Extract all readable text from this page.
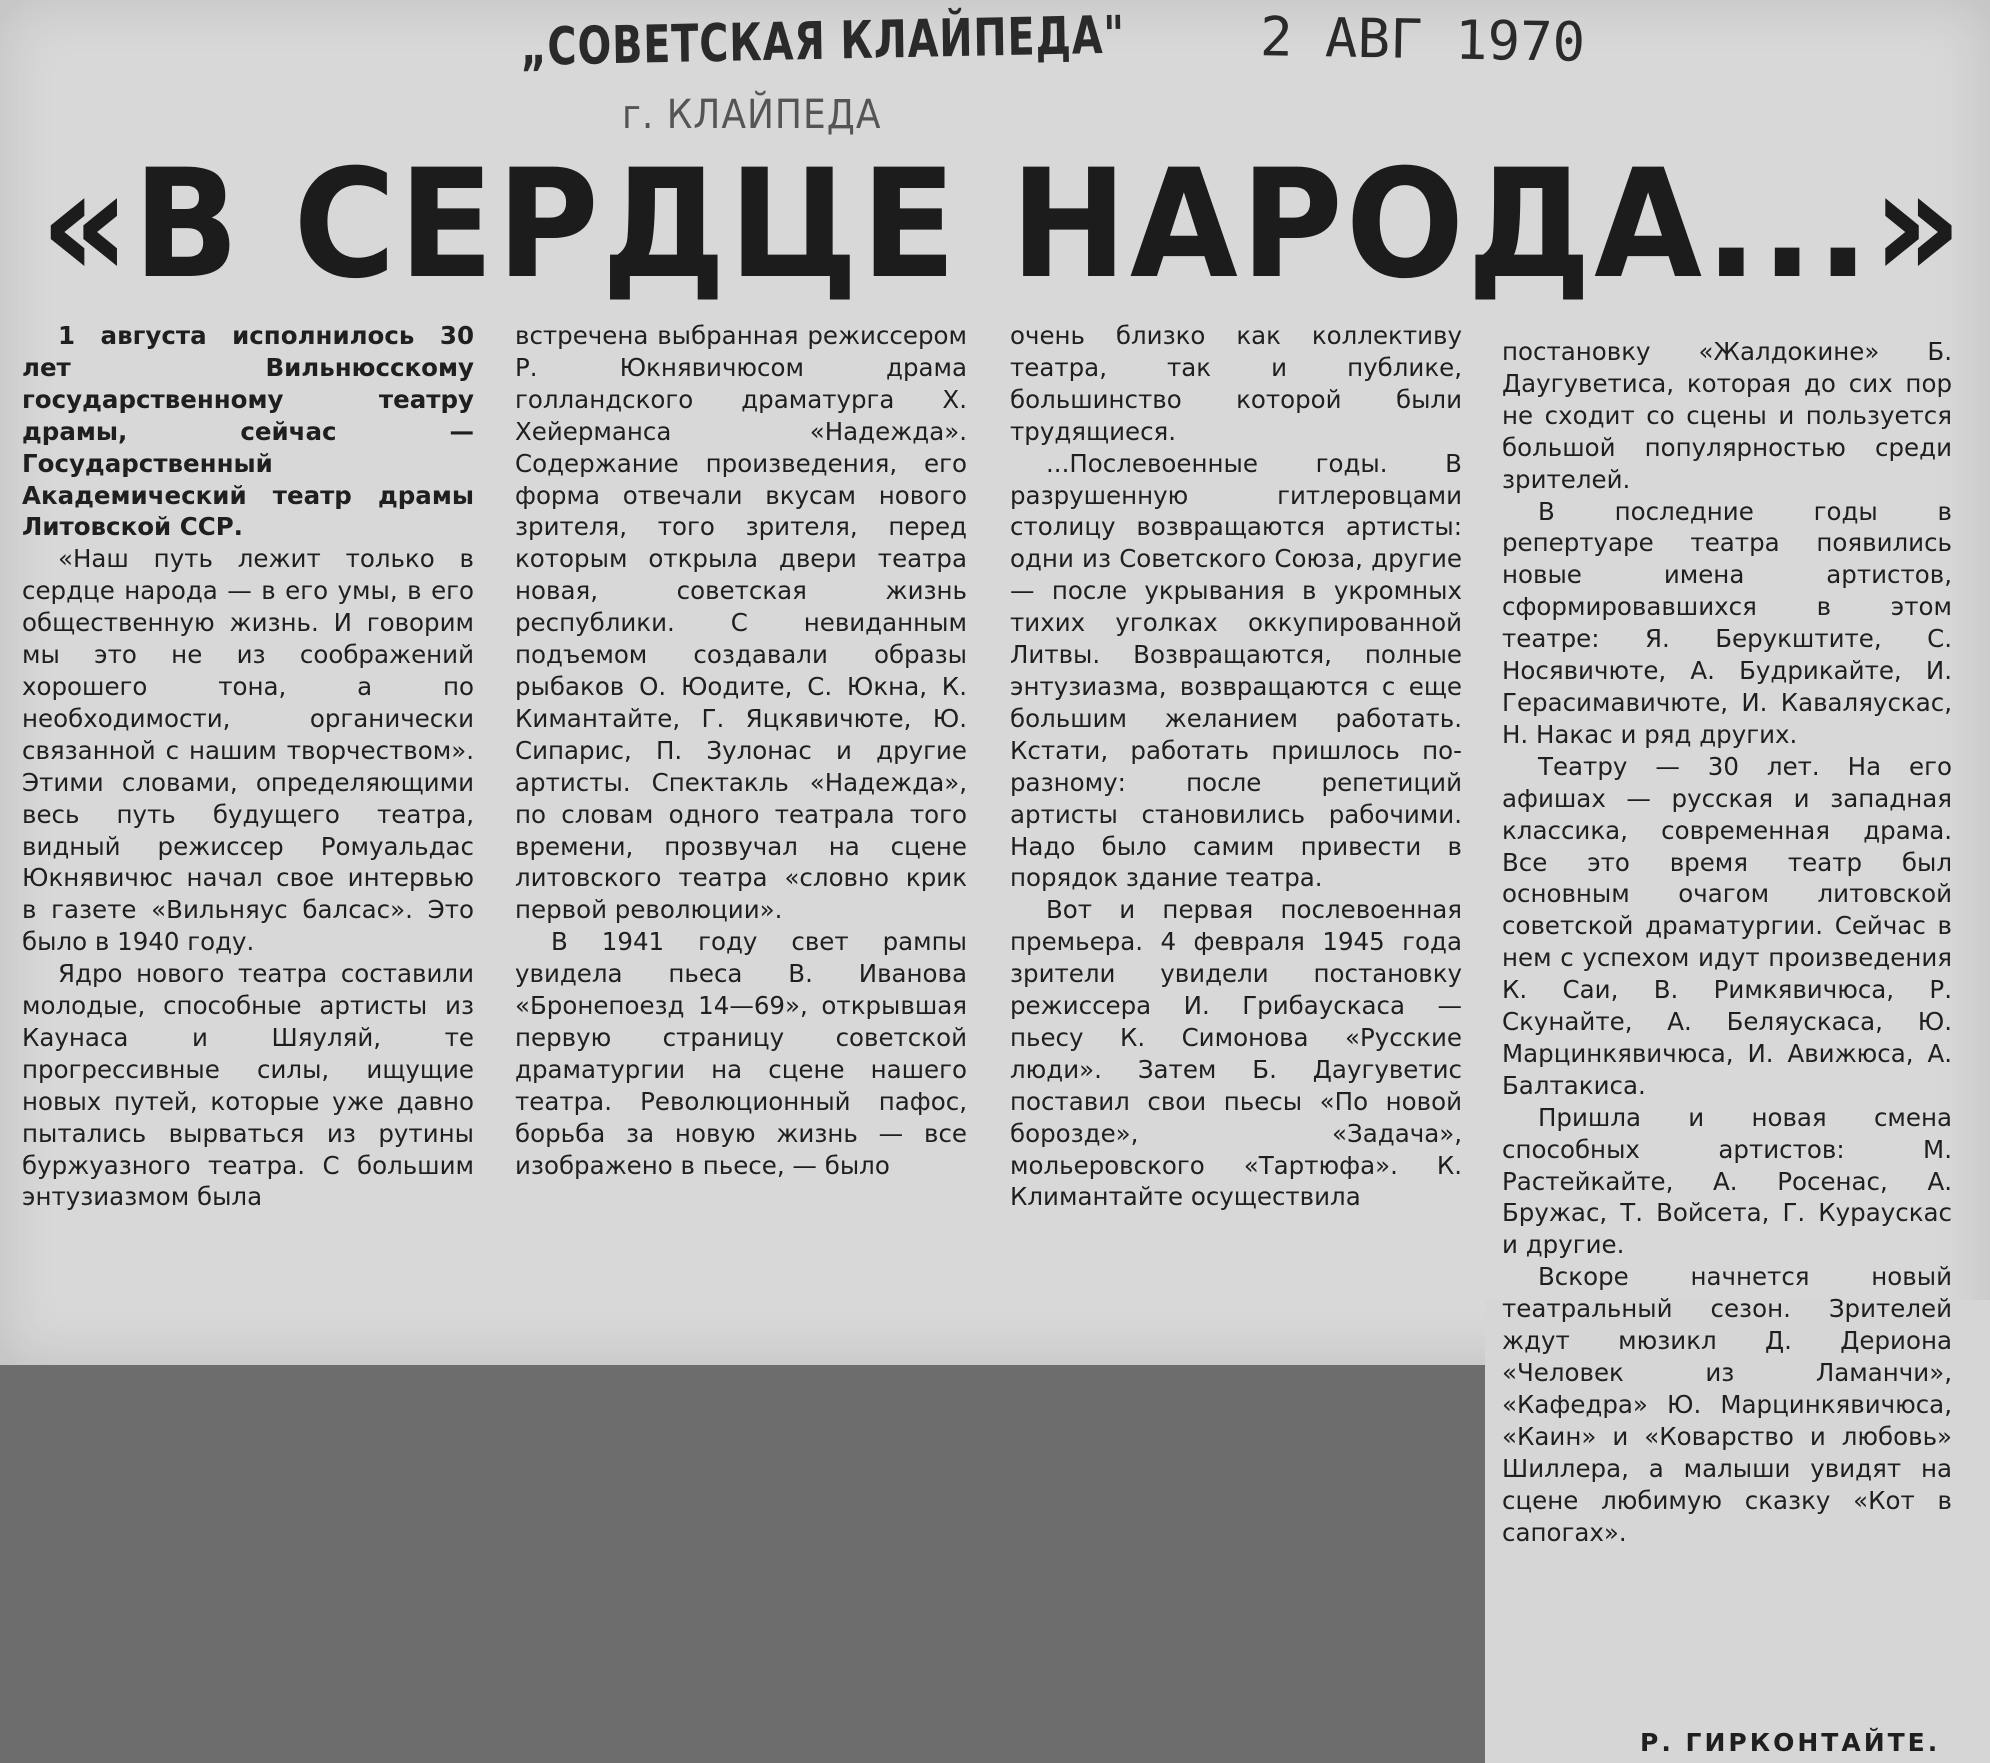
„СОВЕТСКАЯ КЛАЙПЕДА"
г. КЛАЙПЕДА
2 АВГ 1970
«В СЕРДЦЕ НАРОДА...»

1 августа исполнилось 30 лет Вильнюсскому государственному театру драмы, сейчас — Государственный Академический театр драмы Литовской ССР.

«Наш путь лежит только в сердце народа — в его умы, в его общественную жизнь. И говорим мы это не из соображений хорошего тона, а по необходимости, органически связанной с нашим творчеством». Этими словами, определяющими весь путь будущего театра, видный режиссер Ромуальдас Юкнявичюс начал свое интервью в газете «Вильняус балсас». Это было в 1940 году.

Ядро нового театра составили молодые, способные артисты из Каунаса и Шяуляй, те прогрессивные силы, ищущие новых путей, которые уже давно пытались вырваться из рутины буржуазного театра. С большим энтузиазмом была

встречена выбранная режиссером Р. Юкнявичюсом драма голландского драматурга Х. Хейерманса «Надежда». Содержание произведения, его форма отвечали вкусам нового зрителя, того зрителя, перед которым открыла двери театра новая, советская жизнь республики. С невиданным подъемом создавали образы рыбаков О. Юодите, С. Юкна, К. Кимантайте, Г. Яцкявичюте, Ю. Сипарис, П. Зулонас и другие артисты. Спектакль «Надежда», по словам одного театрала того времени, прозвучал на сцене литовского театра «словно крик первой революции».

В 1941 году свет рампы увидела пьеса В. Иванова «Бронепоезд 14—69», открывшая первую страницу советской драматургии на сцене нашего театра. Революционный пафос, борьба за новую жизнь — все изображено в пьесе, — было

очень близко как коллективу театра, так и публике, большинство которой были трудящиеся.

...Послевоенные годы. В разрушенную гитлеровцами столицу возвращаются артисты: одни из Советского Союза, другие — после укрывания в укромных тихих уголках оккупированной Литвы. Возвращаются, полные энтузиазма, возвращаются с еще большим желанием работать. Кстати, работать пришлось по-разному: после репетиций артисты становились рабочими. Надо было самим привести в порядок здание театра.

Вот и первая послевоенная премьера. 4 февраля 1945 года зрители увидели постановку режиссера И. Грибаускаса — пьесу К. Симонова «Русские люди». Затем Б. Даугуветис поставил свои пьесы «По новой борозде», «Задача», мольеровского «Тартюфа». К. Климантайте осуществила

постановку «Жалдокине» Б. Даугуветиса, которая до сих пор не сходит со сцены и пользуется большой популярностью среди зрителей.

В последние годы в репертуаре театра появились новые имена артистов, сформировавшихся в этом театре: Я. Берукштите, С. Носявичюте, А. Будрикайте, И. Герасимавичюте, И. Каваляускас, Н. Накас и ряд других.

Театру — 30 лет. На его афишах — русская и западная классика, современная драма. Все это время театр был основным очагом литовской советской драматургии. Сейчас в нем с успехом идут произведения К. Саи, В. Римкявичюса, Р. Скунайте, А. Беляускаса, Ю. Марцинкявичюса, И. Авижюса, А. Балтакиса.

Пришла и новая смена способных артистов: М. Растейкайте, А. Росенас, А. Бружас, Т. Войсета, Г. Кураускас и другие.

Вскоре начнется новый театральный сезон. Зрителей ждут мюзикл Д. Дериона «Человек из Ламанчи», «Кафедра» Ю. Марцинкявичюса, «Каин» и «Коварство и любовь» Шиллера, а малыши увидят на сцене любимую сказку «Кот в сапогах».

Р. ГИРКОНТАЙТЕ.
